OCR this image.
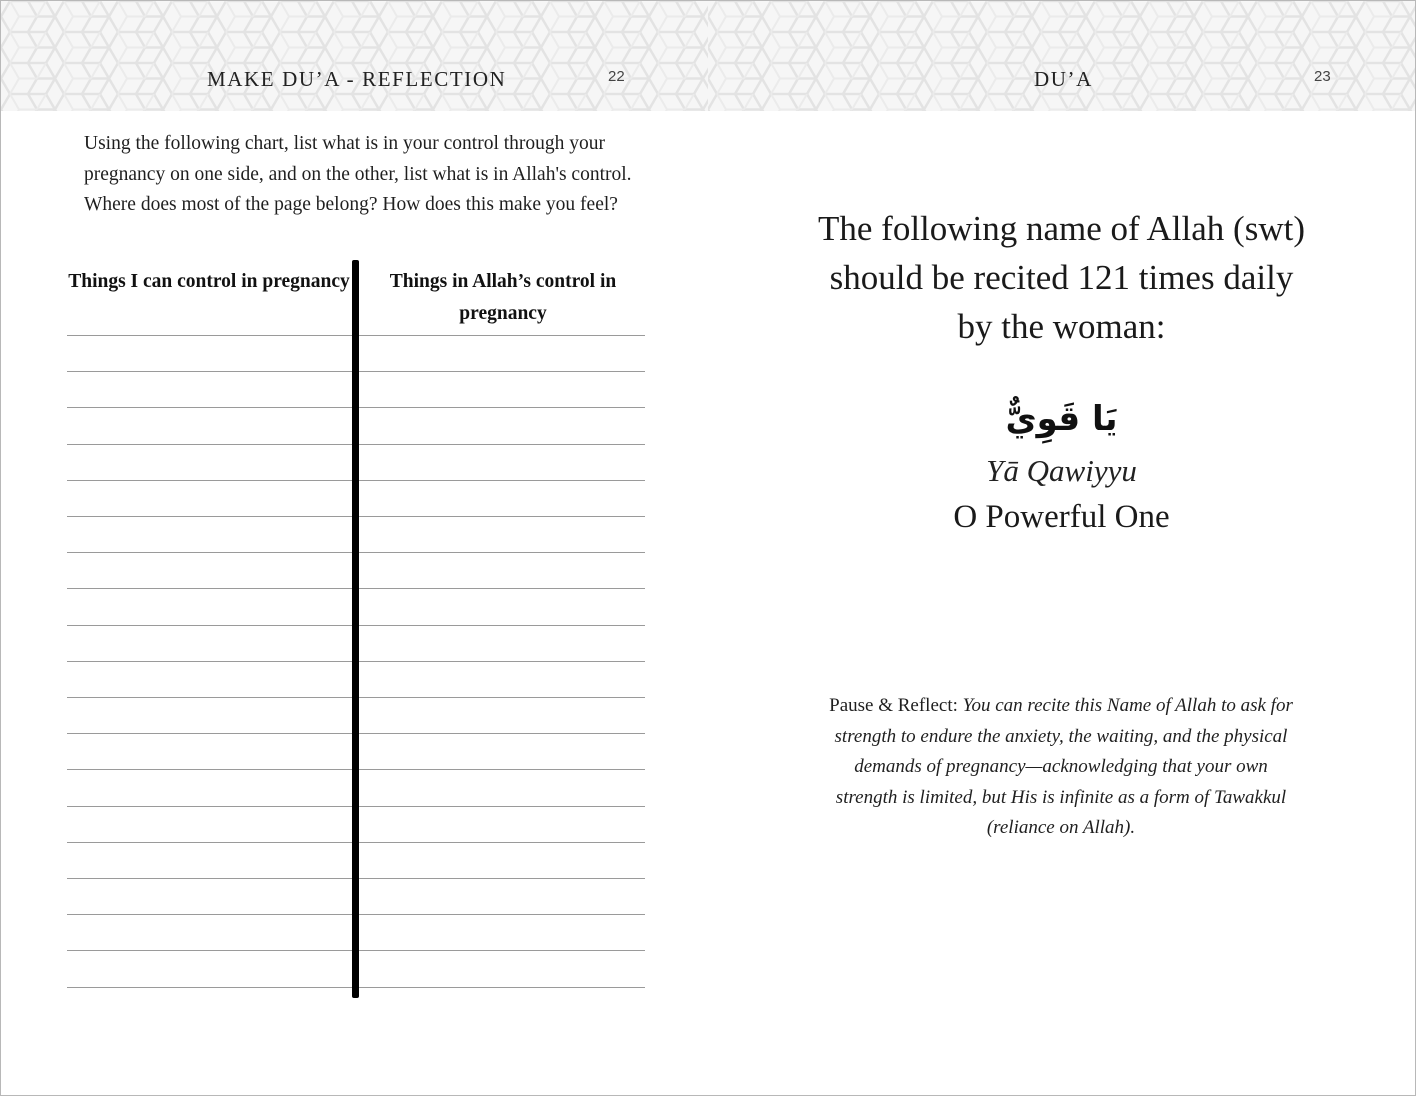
MAKE DU’A - REFLECTION	22
Using the following chart, list what is in your control through your pregnancy on one side, and on the other, list what is in Allah's control. Where does most of the page belong? How does this make you feel?
Things I can control in pregnancy	Things in Allah’s control in pregnancy
DU’A	23
The following name of Allah (swt)
should be recited 121 times daily
by the woman:
يَا قَوِيٌّ
Yā Qawiyyu
O Powerful One
Pause & Reflect: You can recite this Name of Allah to ask for strength to endure the anxiety, the waiting, and the physical demands of pregnancy—acknowledging that your own strength is limited, but His is infinite as a form of Tawakkul (reliance on Allah).
